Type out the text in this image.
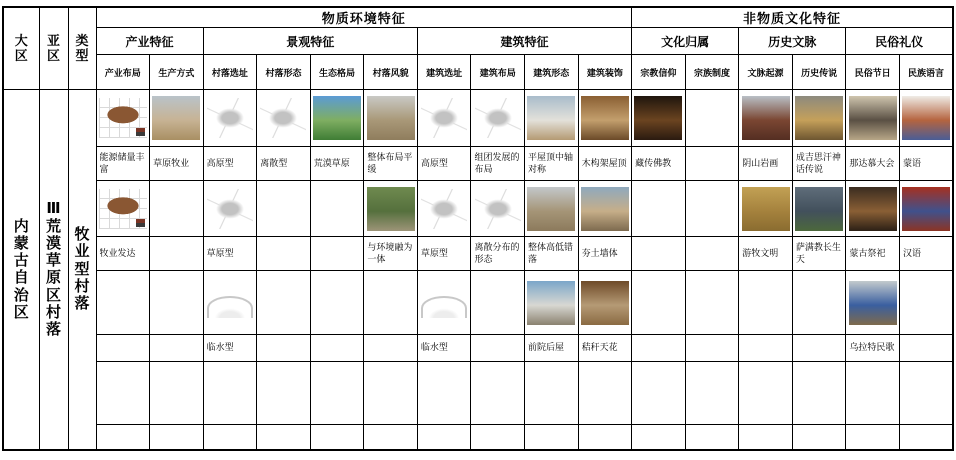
大区	亚区	类型	物质环境特征										非物质文化特征					
			产业特征		景观特征				建筑特征				文化归属		历史文脉		民俗礼仪	
			产业布局	生产方式	村落选址	村落形态	生态格局	村落风貌	建筑选址	建筑布局	建筑形态	建筑装饰	宗教信仰	宗族制度	文脉起源	历史传说	民俗节日	民族语言

内蒙古自治区	Ⅲ荒漠草原区村落	牧业型村落																

			能源储量丰富	草原牧业	高原型	离散型	荒漠草原	整体布局平缓	高原型	组团发展的布局	平屋顶中轴对称	木构架屋顶	藏传佛教		阴山岩画	成吉思汗神话传说	那达慕大会	蒙语

			牧业发达		草原型			与环境融为一体	草原型	离散分布的形态	整体高低错落	夯土墙体			游牧文明	萨满教长生天	蒙古祭祀	汉语

					临水型				临水型		前院后屋	秸秆天花					乌拉特民歌	
